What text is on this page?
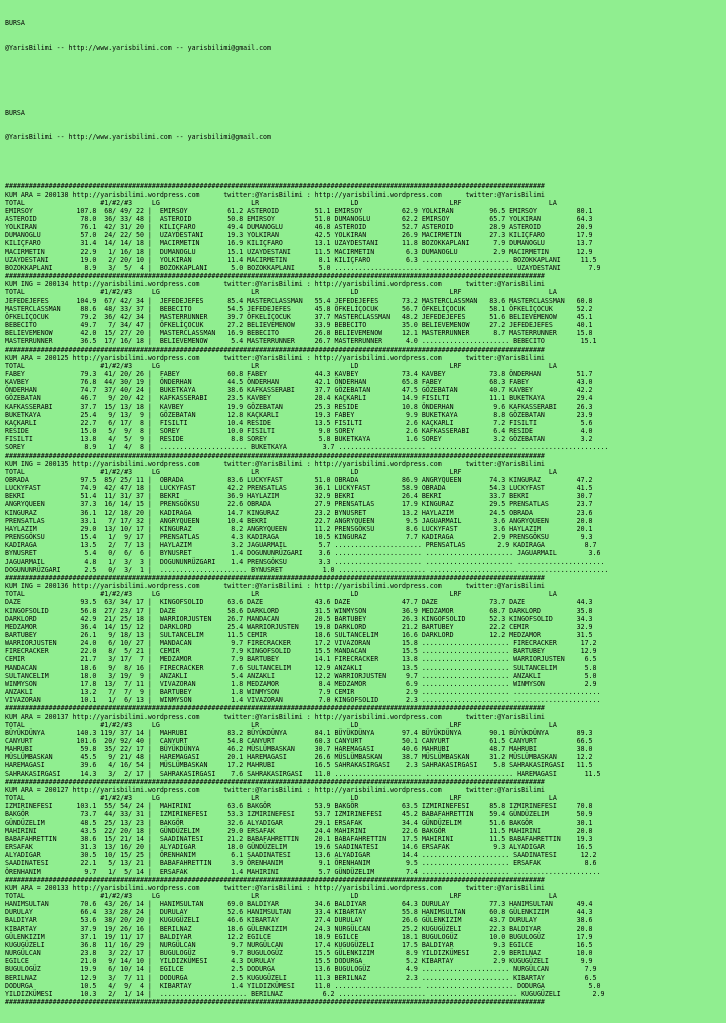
BURSA

@YarisBilimi -- http://www.yarisbilimi.com -- yarisbilimi@gmail.com

BURSA

@YarisBilimi -- http://www.yarisbilimi.com -- yarisbilimi@gmail.com

########################################################################################################################################
KUM ARA = 200138 http://yarisbilimi.wordpress.com      twitter:@YarisBilimi : http://yarisbilimi.wordpress.com      twitter:@YarisBilimi
TOTAL                   #1/#2/#3     LG                       LR                       LD                       LRF                      LA
EMIRSOY           107.8  68/ 49/ 22 |  EMIRSOY          61.2 ASTEROID         51.1 EMIRSOY          62.9 YOLKIRAN         96.5 EMIRSOY          80.1
ASTEROID           78.0  36/ 33/ 48 |  ASTEROID         50.8 EMIRSOY          51.0 DUMANOGLU        62.2 EMIRSOY          65.7 YOLKIRAN         64.3
YOLKIRAN           76.1  42/ 31/ 20 |  KILIÇFARO        49.4 DUMANOGLU        46.8 ASTEROID         52.7 ASTEROID         28.9 ASTEROID         20.9
DUMANOGLU          57.0  24/ 22/ 50 |  UZAYDESTANI      19.3 YOLKIRAN         42.5 YOLKIRAN         26.9 MACIRMETIN       27.3 KILIÇFARO        17.9
KILIÇFARO          31.4  14/ 14/ 18 |  MACIRMETIN       16.9 KILIÇFARO        13.1 UZAYDESTANI      11.8 BOZOKKAPLANI      7.9 DUMANOGLU        13.7
MACIRMETIN         22.9   1/ 16/ 18 |  DUMANOGLU        15.1 UZAYDESTANI      11.5 MACIRMETIN        6.3 DUMANOGLU         2.9 MACIRMETIN       12.9
UZAYDESTANI        19.0   2/ 20/ 10 |  YOLKIRAN         11.4 MACIRMETIN        8.1 KILIÇFARO         6.3 ...................... BOZOKKAPLANI     11.5
BOZOKKAPLANI        8.9   3/  5/  4 |  BOZOKKAPLANI      5.0 BOZOKKAPLANI      5.0 ...................... ...................... UZAYDESTANI       7.9
########################################################################################################################################
KUM ING = 200134 http://yarisbilimi.wordpress.com      twitter:@YarisBilimi : http://yarisbilimi.wordpress.com      twitter:@YarisBilimi
TOTAL                   #1/#2/#3     LG                       LR                       LD                       LRF                      LA
JEFEDEJEFES       104.9  67/ 42/ 34 |  JEFEDEJEFES      85.4 MASTERCLASSMAN   55.4 JEFEDEJEFES      73.2 MASTERCLASSMAN   83.6 MASTERCLASSMAN   60.8
MASTERCLASSMAN     88.6  48/ 33/ 37 |  BEBECITO         54.5 JEFEDEJEFES      45.8 ÖFKELİÇOCUK      56.7 ÖFKELİÇOCUK      58.1 ÖFKELİÇOCUK      52.2
ÖFKELİÇOCUK        79.2  36/ 42/ 34 |  MASTERRUNNER     39.7 ÖFKELİÇOCUK      37.7 MASTERCLASSMAN   48.2 JEFEDEJEFES      51.6 BELIEVEMENOW     45.1
BEBECITO           49.7   7/ 34/ 47 |  ÖFKELİÇOCUK      27.2 BELIEVEMENOW     33.9 BEBECITO         35.0 BELIEVEMENOW     27.2 JEFEDEJEFES      40.1
BELIEVEMENOW       42.0  15/ 27/ 20 |  MASTERCLASSMAN   16.9 BEBECITO         26.8 BELIEVEMENOW     12.1 MASTERRUNNER      8.7 MASTERRUNNER     15.8
MASTERRUNNER       36.5  17/ 16/ 18 |  BELIEVEMENOW      5.4 MASTERRUNNER     26.7 MASTERRUNNER      4.0 ...................... BEBECITO         15.1
########################################################################################################################################
KUM ARA = 200125 http://yarisbilimi.wordpress.com      twitter:@YarisBilimi : http://yarisbilimi.wordpress.com      twitter:@YarisBilimi
TOTAL                   #1/#2/#3     LG                       LR                       LD                       LRF                      LA
FABEY              79.3  41/ 20/ 26 |  FABEY            60.8 FABEY            44.3 KAVBEY           73.4 KAVBEY           73.8 ÖNDERHAN         51.7
KAVBEY             76.8  44/ 30/ 19 |  ÖNDERHAN         44.5 ÖNDERHAN         42.1 ÖNDERHAN         65.8 FABEY            68.3 FABEY            43.0
ÖNDERHAN           74.7  37/ 40/ 24 |  BUKETKAYA        38.6 KAFKASSERABI     37.7 GÖZEBATAN        47.5 GÖZEBATAN        40.7 KAVBEY           42.2
GÖZEBATAN          46.7   9/ 20/ 42 |  KAFKASSERABI     23.5 KAVBEY           28.4 KAÇKARLI         14.9 FISILTI          11.1 BUKETKAYA        29.4
KAFKASSERABI       37.7  15/ 13/ 18 |  KAVBEY           19.9 GÖZEBATAN        25.3 RESIDE           10.8 ÖNDERHAN          9.6 KAFKASSERABI     26.3
BUKETKAYA          25.4   9/ 13/  9 |  GÖZEBATAN        12.8 KAÇKARLI         19.3 FABEY             9.9 BUKETKAYA         8.8 GÖZEBATAN        23.9
KAÇKARLI           22.7   6/ 17/  8 |  FISILTI          10.4 RESIDE           13.5 FISILTI           2.6 KAÇKARLI          7.2 FISILTI           5.6
RESIDE             15.0   5/  9/  8 |  SOREY            10.0 FISILTI           9.0 SOREY             2.6 KAFKASSERABI      6.4 RESIDE            4.0
FISILTI            13.8   4/  5/  9 |  RESIDE            8.8 SOREY             5.8 BUKETKAYA         1.6 SOREY             3.2 GÖZEBATAN         3.2
SOREY               8.9   1/  4/  8 |  ...................... BUKETKAYA         3.7 ...................... ...................... ......................
########################################################################################################################################
KUM ING = 200135 http://yarisbilimi.wordpress.com      twitter:@YarisBilimi : http://yarisbilimi.wordpress.com      twitter:@YarisBilimi
TOTAL                   #1/#2/#3     LG                       LR                       LD                       LRF                      LA
OBRADA             97.5  85/ 25/ 11 |  OBRADA           83.6 LUCKYFAST        51.0 OBRADA           86.9 ANGRYQUEEN       74.3 KINGURAZ         47.2
LUCKYFAST          74.9  42/ 47/ 18 |  LUCKYFAST        42.2 PRENSATLAS       36.1 LUCKYFAST        58.9 OBRADA           54.3 LUCKYFAST        41.5
BEKRI              51.4  11/ 31/ 37 |  BEKRI            36.9 HAYLAZIM         32.9 BEKRI            26.4 BEKRI            33.7 BEKRI            30.7
ANGRYQUEEN         37.3  16/ 14/ 15 |  PRENSGÖKSU       22.6 OBRADA           27.9 PRENSATLAS       17.9 KINGURAZ         29.5 PRENSATLAS       23.7
KINGURAZ           36.1  12/ 18/ 20 |  KADIRAGA         14.7 KINGURAZ         23.2 BYNUSRET         13.2 HAYLAZIM         24.5 OBRADA           23.6
PRENSATLAS         33.1   7/ 17/ 32 |  ANGRYQUEEN       10.4 BEKRI            22.7 ANGRYQUEEN        9.5 JAGUARMAIL        3.6 ANGRYQUEEN       20.8
HAYLAZIM           29.0  13/ 10/ 17 |  KINGURAZ          8.2 ANGRYQUEEN       11.2 PRENSGÖKSU        8.6 LUCKYFAST         3.6 HAYLAZIM         20.1
PRENSGÖKSU         15.4   1/  9/ 17 |  PRENSATLAS        4.3 KADIRAGA         10.5 KINGURAZ          7.7 KADIRAGA          2.9 PRENSGÖKSU        9.3
KADIRAGA           13.5   2/  7/ 13 |  HAYLAZIM          3.2 JAGUARMAIL        5.7 ...................... PRENSATLAS        2.9 KADIRAGA          8.7
BYNUSRET            5.4   0/  6/  6 |  BYNUSRET          1.4 DOGUNUNRÜZGARI    3.6 ...................... ...................... JAGUARMAIL        3.6
JAGUARMAIL          4.8   1/  3/  3 |  DOGUNUNRÜZGARI    1.4 PRENSGÖKSU        3.3 ...................... ...................... ......................
DOGUNUNRÜZGARI      2.5   0/  3/  1 |  ...................... BYNUSRET          1.0 ...................... ...................... ......................
########################################################################################################################################
KUM ING = 200136 http://yarisbilimi.wordpress.com      twitter:@YarisBilimi : http://yarisbilimi.wordpress.com      twitter:@YarisBilimi
TOTAL                   #1/#2/#3     LG                       LR                       LD                       LRF                      LA
DAZE               93.5  63/ 34/ 17 |  KINGOFSOLID      63.6 DAZE             43.6 DAZE             47.7 DAZE             73.7 DAZE             44.3
KINGOFSOLID        56.8  27/ 23/ 17 |  DAZE             58.6 DARKLORD         31.5 WINMYSON         36.9 MEDZAMOR         68.7 DARKLORD         35.8
DARKLORD           42.9  21/ 25/ 18 |  WARRIORJUSTEN    26.7 MANDACAN         20.5 BARTUBEY         26.3 KINGOFSOLID      52.3 KINGOFSOLID      34.3
MEDZAMOR           36.4  14/ 15/ 12 |  DARKLORD         25.4 WARRIORJUSTEN    19.8 DARKLORD         21.2 BARTUBEY         22.2 CEMIR            32.9
BARTUBEY           26.1   9/ 18/ 13 |  SULTANCELIM      11.5 CEMIR            18.6 SULTANCELIM      16.6 DARKLORD         12.2 MEDZAMOR         31.5
WARRIORJUSTEN      24.0   6/ 10/ 27 |  MANDACAN          9.7 FIRECRACKER      17.2 VIVAZORAN        15.8 ...................... FIRECRACKER      17.2
FIRECRACKER        22.0   8/  5/ 21 |  CEMIR             7.9 KINGOFSOLID      15.5 MANDACAN         15.5 ...................... BARTUBEY         12.9
CEMIR              21.7   3/ 17/  7 |  MEDZAMOR          7.9 BARTUBEY         14.1 FIRECRACKER      13.8 ...................... WARRIORJUSTEN     6.5
MANDACAN           18.6   9/  8/ 16 |  FIRECRACKER       7.6 SULTANCELIM      12.9 ANZAKLI          13.5 ...................... SULTANCELIM       5.8
SULTANCELIM        18.0   3/ 19/  9 |  ANZAKLI           5.4 ANZAKLI          12.2 WARRIORJUSTEN     9.7 ...................... ANZAKLI           5.0
WINMYSON           17.8  13/  7/ 11 |  VIVAZORAN         1.8 MEDZAMOR          8.4 MEDZAMOR          6.9 ...................... WINMYSON          2.9
ANZAKLI            13.2   7/  7/  9 |  BARTUBEY          1.8 WINMYSON          7.9 CEMIR             2.9 ...................... ......................
VIVAZORAN          10.1   1/  6/ 13 |  WINMYSON          1.4 VIVAZORAN         7.0 KINGOFSOLID       2.3 ...................... ......................
########################################################################################################################################
KUM ARA = 200137 http://yarisbilimi.wordpress.com      twitter:@YarisBilimi : http://yarisbilimi.wordpress.com      twitter:@YarisBilimi
TOTAL                   #1/#2/#3     LG                       LR                       LD                       LRF                      LA
BÜYÜKDÜNYA        140.3 119/ 37/ 14 |  MAHRUBI          83.2 BÜYÜKDÜNYA       84.1 BÜYÜKDÜNYA       97.4 BÜYÜKDÜNYA       90.1 BÜYÜKDÜNYA       89.3
CANYURT           101.6  20/ 92/ 40 |  CANYURT          54.8 CANYURT          60.3 CANYURT          50.1 CANYURT          61.5 CANYURT          66.5
MAHRUBI            59.8  35/ 22/ 17 |  BÜYÜKDÜNYA       46.2 MÜSLÜMBASKAN     30.7 HAREMAGASI       40.6 MAHRUBI          48.7 MAHRUBI          38.0
MÜSLÜMBASKAN       45.5   9/ 21/ 48 |  HAREMAGASI       20.1 HAREMAGASI       26.6 MÜSLÜMBASKAN     38.7 MÜSLÜMBASKAN     31.2 MÜSLÜMBASKAN     12.2
HAREMAGASI         39.6   4/ 16/ 54 |  MÜSLÜMBASKAN     17.2 MAHRUBI          16.5 SAHRAKASIRGASI    2.3 SAHRAKASIRGASI    5.8 SAHRAKASIRGASI   11.5
SAHRAKASIRGASI     14.3   3/  2/ 17 |  SAHRAKASIRGASI    7.6 SAHRAKASIRGASI   11.0 ...................... ...................... HAREMAGASI       11.5
########################################################################################################################################
KUM ARA = 200127 http://yarisbilimi.wordpress.com      twitter:@YarisBilimi : http://yarisbilimi.wordpress.com      twitter:@YarisBilimi
TOTAL                   #1/#2/#3     LG                       LR                       LD                       LRF                      LA
IZMIRINEFESI      103.1  55/ 54/ 24 |  MAHIRINI         63.6 BAKGÖR           53.9 BAKGÖR           63.5 IZMIRINEFESI     85.8 IZMIRINEFESI     70.8
BAKGÖR             73.7  44/ 33/ 31 |  IZMIRINEFESI     53.3 IZMIRINEFESI     53.7 IZMIRINEFESI     45.2 BABAFAHRETTIN    59.4 GÜNDÜZELIM       50.9
GÜNDÜZELIM         48.5  25/ 13/ 23 |  BAKGÖR           32.6 ALYADIGAR        29.1 ERSAFAK          34.4 GÜNDÜZELIM       51.6 BAKGÖR           30.1
MAHIRINI           43.5  22/ 20/ 18 |  GÜNDÜZELIM       29.0 ERSAFAK          24.4 MAHIRINI         22.6 BAKGÖR           11.5 MAHIRINI         20.8
BABAFAHRETTIN      38.6  15/ 21/ 14 |  SAADINATESI      21.2 BABAFAHRETTIN    20.1 BABAFAHRETTIN    17.5 MAHIRINI         11.5 BABAFAHRETTIN    19.3
ERSAFAK            31.3  13/ 16/ 20 |  ALYADIGAR        18.0 GÜNDÜZELIM       19.6 SAADINATESI      14.6 ERSAFAK           9.3 ALYADIGAR        16.5
ALYADIGAR          30.5  10/ 15/ 25 |  ÖRENHANIM         6.1 SAADINATESI      13.6 ALYADIGAR        14.4 ...................... SAADINATESI      12.2
SAADINATESI        22.1   5/ 13/ 21 |  BABAFAHRETTIN     3.9 ÖRENHANIM         9.1 ÖRENHANIM         9.5 ...................... ERSAFAK           8.6
ÖRENHANIM           9.7   1/  5/ 14 |  ERSAFAK           1.4 MAHIRINI          5.7 GÜNDÜZELIM        7.4 ...................... ......................
########################################################################################################################################
KUM ARA = 200133 http://yarisbilimi.wordpress.com      twitter:@YarisBilimi : http://yarisbilimi.wordpress.com      twitter:@YarisBilimi
TOTAL                   #1/#2/#3     LG                       LR                       LD                       LRF                      LA
HANIMSULTAN        70.6  43/ 26/ 14 |  HANIMSULTAN      69.0 BALDIYAR         34.6 BALDIYAR         64.3 DURULAY          77.3 HANIMSULTAN      49.4
DURULAY            66.4  33/ 28/ 24 |  DURULAY          52.6 HANIMSULTAN      33.4 KIBARTAY         55.8 HANIMSULTAN      60.8 GÜLENKIZIM       44.3
BALDIYAR           53.6  38/ 20/ 20 |  KUGUGÜZELI       46.6 KIBARTAY         27.4 DURULAY          26.6 GÜLENKIZIM       43.7 DURULAY          38.6
KIBARTAY           37.9  19/ 26/ 16 |  BERILNAZ         18.6 GÜLENKIZIM       24.3 NURGÜLCAN        25.2 KUGUGÜZELI       22.3 BALDIYAR         20.8
GÜLENKIZIM         37.1  19/ 11/ 17 |  BALDIYAR         12.2 EGILCE           18.9 EGILCE           18.1 BUGULOGÜZ        10.0 BUGULOGÜZ        17.9
KUGUGÜZELI         36.8  11/ 16/ 29 |  NURGÜLCAN         9.7 NURGÜLCAN        17.4 KUGUGÜZELI       17.5 BALDIYAR          9.3 EGILCE           16.5
NURGÜLCAN          23.8   3/ 22/ 17 |  BUGULOGÜZ         9.7 BUGULOGÜZ        15.5 GÜLENKIZIM        8.9 YILDIZKÜMESI      2.9 BERILNAZ         10.0
EGILCE             21.0   9/ 14/ 10 |  YILDIZKÜMESI      4.3 DURULAY          15.5 DODURGA           5.2 KIBARTAY          2.9 KUGUGÜZELI        9.9
BUGULOGÜZ          19.9   6/ 10/ 14 |  EGILCE            2.5 DODURGA          13.6 BUGULOGÜZ         4.9 ...................... NURGÜLCAN         7.9
BERILNAZ           12.9   3/  7/ 11 |  DODURGA           2.5 KUGUGÜZELI       11.3 BERILNAZ          2.3 ...................... KIBARTAY          6.5
DODURGA            10.5   4/  9/  4 |  KIBARTAY          1.4 YILDIZKÜMESI     11.0 ...................... ...................... DODURGA           5.0
YILDIZKÜMESI       10.3   2/  1/ 14 |  ...................... BERILNAZ          6.2 ...................... ...................... KUGUGÜZELI        2.9
########################################################################################################################################
